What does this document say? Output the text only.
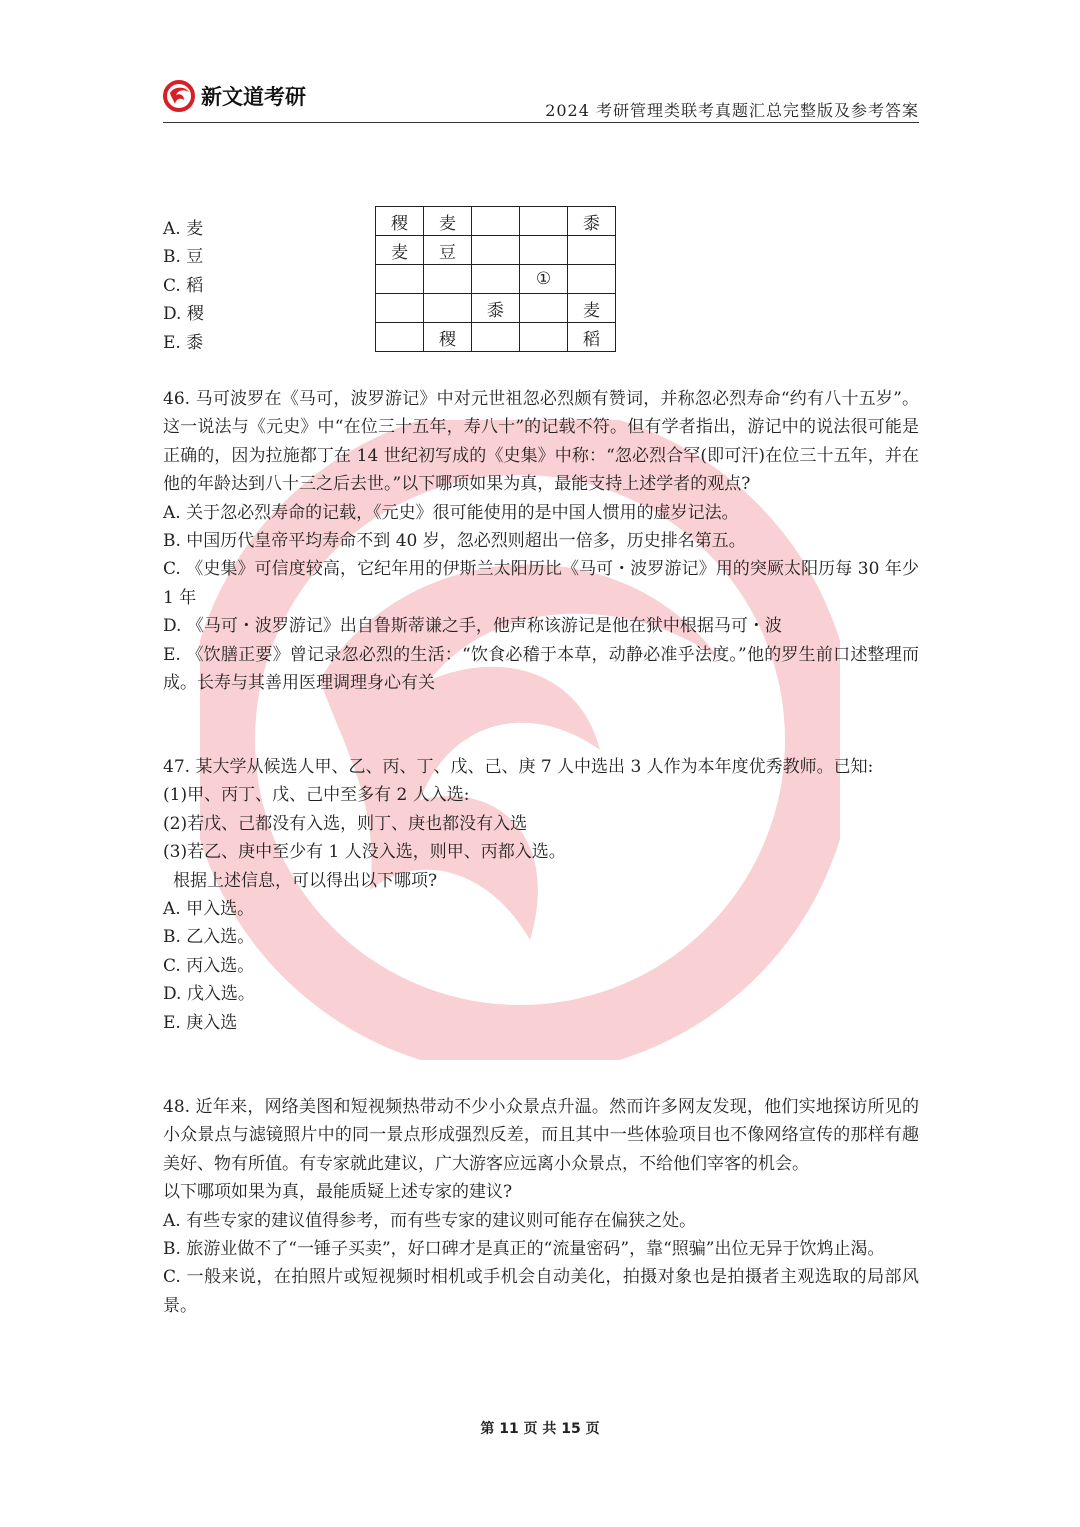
新文道考研
2024 考研管理类联考真题汇总完整版及参考答案
A. 麦
B. 豆
C. 稻
D. 稷
E. 黍
稷	麦			黍
麦	豆			
			①	
		黍		麦
	稷			稻

46. 马可波罗在《马可，波罗游记》中对元世祖忽必烈颇有赞词，并称忽必烈寿命“约有八十五岁”。这一说法与《元史》中“在位三十五年，寿八十”的记载不符。但有学者指出，游记中的说法很可能是正确的，因为拉施都丁在 14 世纪初写成的《史集》中称：“忽必烈合罕(即可汗)在位三十五年，并在他的年龄达到八十三之后去世。”以下哪项如果为真，最能支持上述学者的观点?

A. 关于忽必烈寿命的记载，《元史》很可能使用的是中国人惯用的虚岁记法。

B. 中国历代皇帝平均寿命不到 40 岁，忽必烈则超出一倍多，历史排名第五。

C. 《史集》可信度较高，它纪年用的伊斯兰太阳历比《马可・波罗游记》用的突厥太阳历每 30 年少 1 年

D. 《马可・波罗游记》出自鲁斯蒂谦之手，他声称该游记是他在狱中根据马可・波

E. 《饮膳正要》曾记录忽必烈的生活：“饮食必稽于本草，动静必准乎法度。”他的罗生前口述整理而成。长寿与其善用医理调理身心有关

47. 某大学从候选人甲、乙、丙、丁、戊、己、庚 7 人中选出 3 人作为本年度优秀教师。已知:

(1)甲、丙丁、戊、己中至多有 2 人入选:

(2)若戊、己都没有入选，则丁、庚也都没有入选

(3)若乙、庚中至少有 1 人没入选，则甲、丙都入选。

根据上述信息，可以得出以下哪项?

A. 甲入选。

B. 乙入选。

C. 丙入选。

D. 戊入选。

E. 庚入选

48. 近年来，网络美图和短视频热带动不少小众景点升温。然而许多网友发现，他们实地探访所见的小众景点与滤镜照片中的同一景点形成强烈反差，而且其中一些体验项目也不像网络宣传的那样有趣美好、物有所值。有专家就此建议，广大游客应远离小众景点，不给他们宰客的机会。

以下哪项如果为真，最能质疑上述专家的建议?

A. 有些专家的建议值得参考，而有些专家的建议则可能存在偏狭之处。

B. 旅游业做不了“一锤子买卖”，好口碑才是真正的“流量密码”，靠“照骗”出位无异于饮鸩止渴。

C. 一般来说，在拍照片或短视频时相机或手机会自动美化，拍摄对象也是拍摄者主观选取的局部风景。

第 11 页 共 15 页
